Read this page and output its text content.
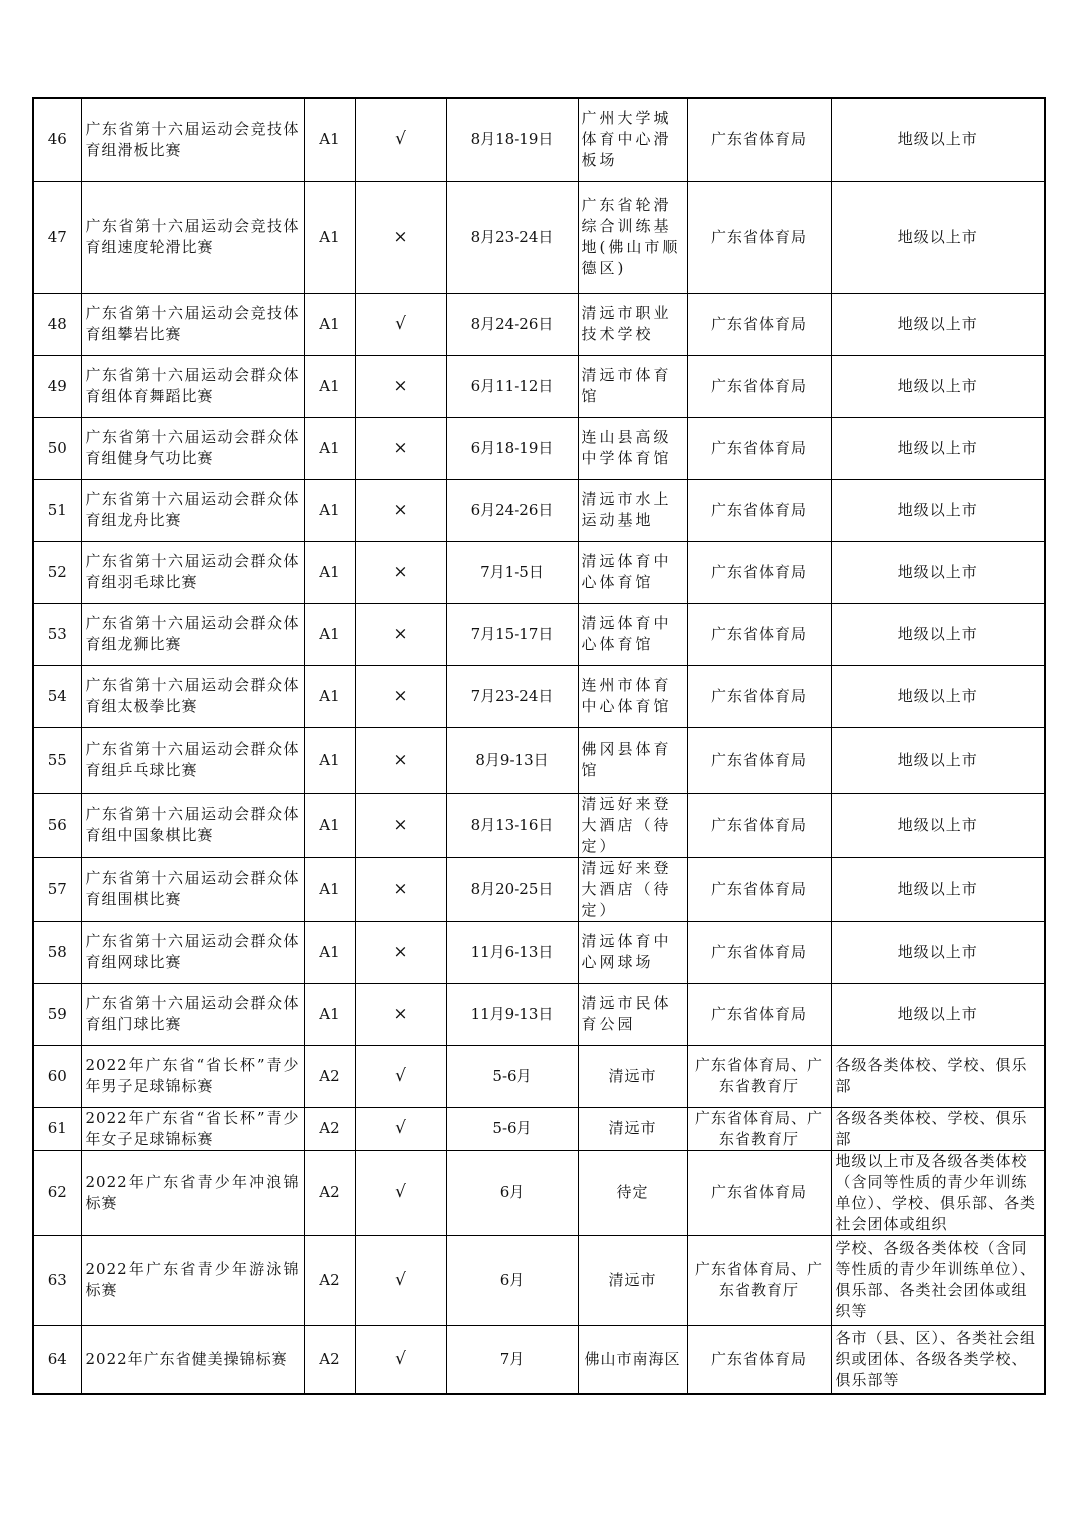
46	广东省第十六届运动会竞技体育组滑板比赛	A1	√	8月18-19日	广州大学城体育中心滑板场	广东省体育局	地级以上市
47	广东省第十六届运动会竞技体育组速度轮滑比赛	A1	×	8月23-24日	广东省轮滑综合训练基地(佛山市顺德区)	广东省体育局	地级以上市
48	广东省第十六届运动会竞技体育组攀岩比赛	A1	√	8月24-26日	清远市职业技术学校	广东省体育局	地级以上市
49	广东省第十六届运动会群众体育组体育舞蹈比赛	A1	×	6月11-12日	清远市体育馆	广东省体育局	地级以上市
50	广东省第十六届运动会群众体育组健身气功比赛	A1	×	6月18-19日	连山县高级中学体育馆	广东省体育局	地级以上市
51	广东省第十六届运动会群众体育组龙舟比赛	A1	×	6月24-26日	清远市水上运动基地	广东省体育局	地级以上市
52	广东省第十六届运动会群众体育组羽毛球比赛	A1	×	7月1-5日	清远体育中心体育馆	广东省体育局	地级以上市
53	广东省第十六届运动会群众体育组龙狮比赛	A1	×	7月15-17日	清远体育中心体育馆	广东省体育局	地级以上市
54	广东省第十六届运动会群众体育组太极拳比赛	A1	×	7月23-24日	连州市体育中心体育馆	广东省体育局	地级以上市
55	广东省第十六届运动会群众体育组乒乓球比赛	A1	×	8月9-13日	佛冈县体育馆	广东省体育局	地级以上市
56	广东省第十六届运动会群众体育组中国象棋比赛	A1	×	8月13-16日	清远好来登大酒店（待定）	广东省体育局	地级以上市
57	广东省第十六届运动会群众体育组围棋比赛	A1	×	8月20-25日	清远好来登大酒店（待定）	广东省体育局	地级以上市
58	广东省第十六届运动会群众体育组网球比赛	A1	×	11月6-13日	清远体育中心网球场	广东省体育局	地级以上市
59	广东省第十六届运动会群众体育组门球比赛	A1	×	11月9-13日	清远市民体育公园	广东省体育局	地级以上市
60	2022年广东省“省长杯”青少年男子足球锦标赛	A2	√	5-6月	清远市	广东省体育局、广东省教育厅	各级各类体校、学校、俱乐部
61	2022年广东省“省长杯”青少年女子足球锦标赛	A2	√	5-6月	清远市	广东省体育局、广东省教育厅	各级各类体校、学校、俱乐部
62	2022年广东省青少年冲浪锦标赛	A2	√	6月	待定	广东省体育局	地级以上市及各级各类体校（含同等性质的青少年训练单位）、学校、俱乐部、各类社会团体或组织
63	2022年广东省青少年游泳锦标赛	A2	√	6月	清远市	广东省体育局、广东省教育厅	学校、各级各类体校（含同等性质的青少年训练单位）、俱乐部、各类社会团体或组织等
64	2022年广东省健美操锦标赛	A2	√	7月	佛山市南海区	广东省体育局	各市（县、区）、各类社会组织或团体、各级各类学校、俱乐部等
